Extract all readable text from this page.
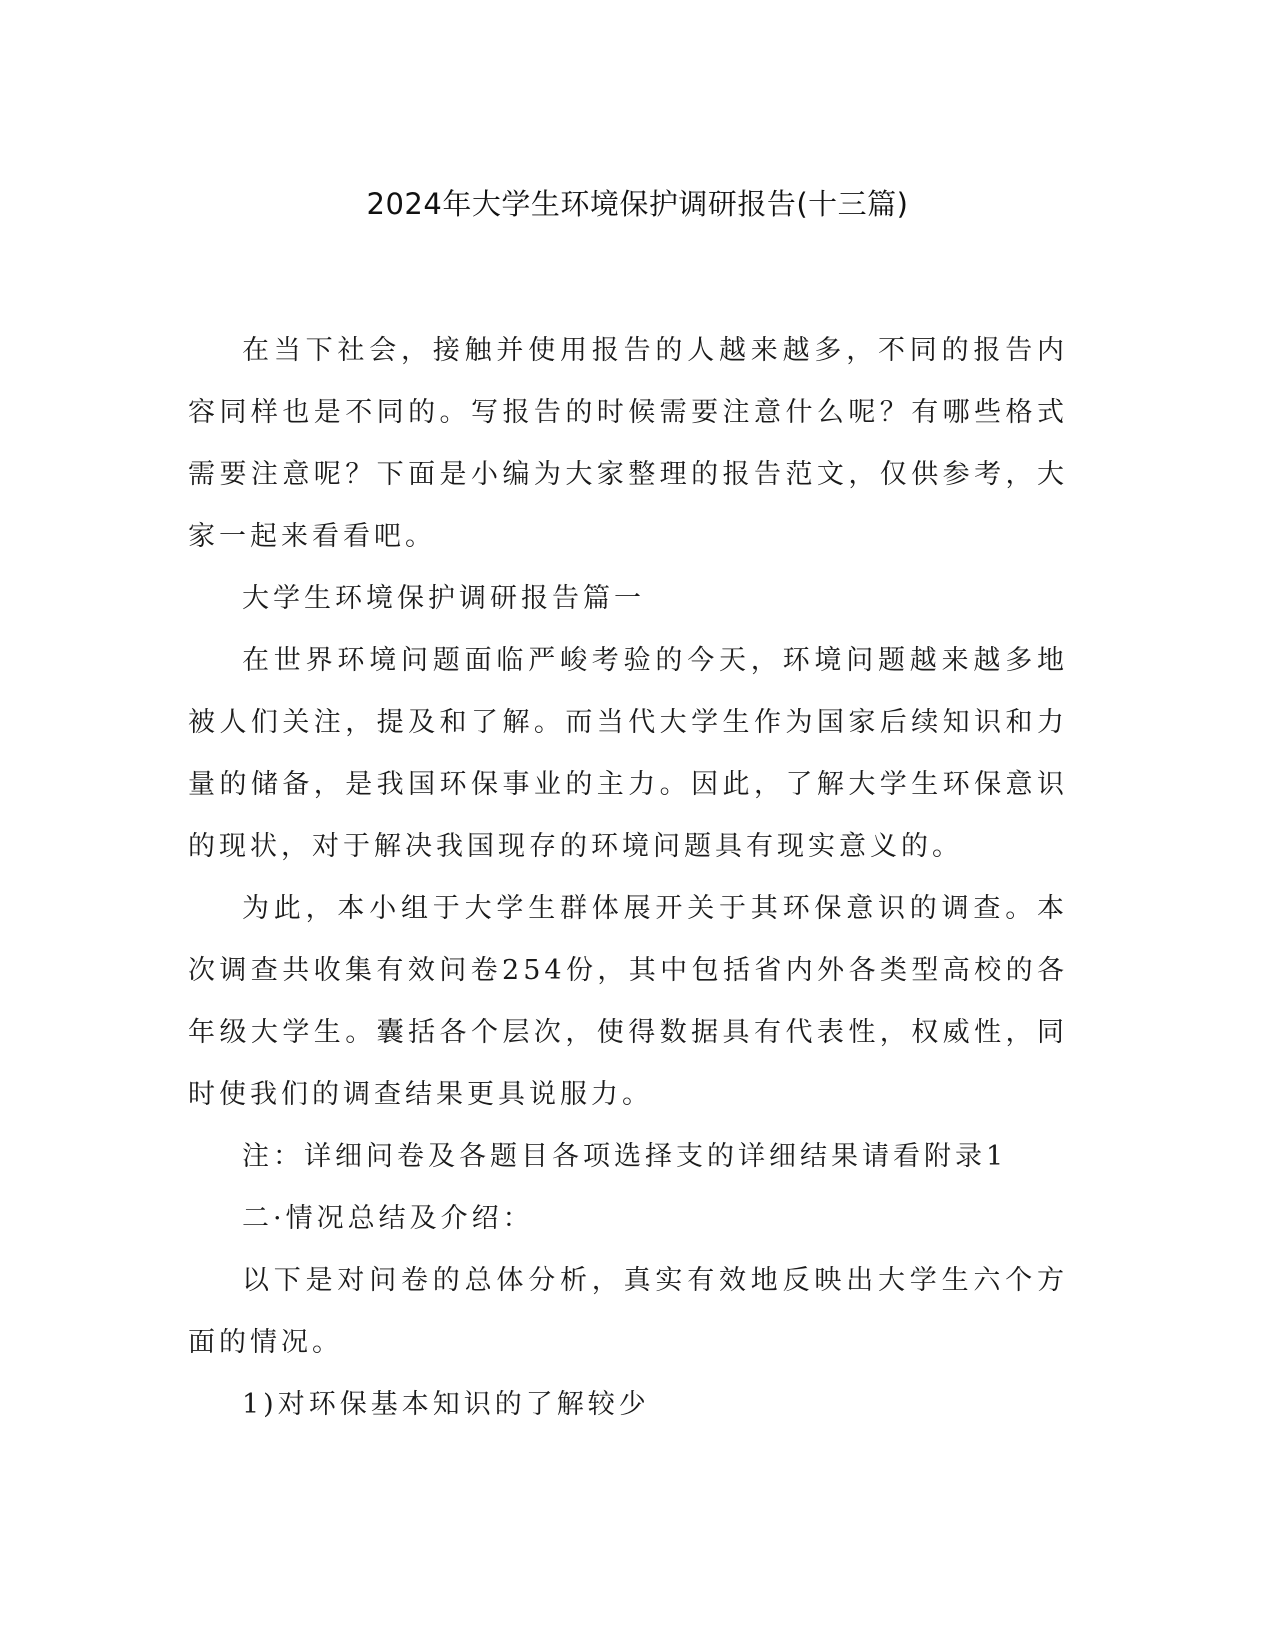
2024年大学生环境保护调研报告(十三篇)

在当下社会，接触并使用报告的人越来越多，不同的报告内容同样也是不同的。写报告的时候需要注意什么呢？有哪些格式需要注意呢？下面是小编为大家整理的报告范文，仅供参考，大家一起来看看吧。

大学生环境保护调研报告篇一

在世界环境问题面临严峻考验的今天，环境问题越来越多地被人们关注，提及和了解。而当代大学生作为国家后续知识和力量的储备，是我国环保事业的主力。因此，了解大学生环保意识的现状，对于解决我国现存的环境问题具有现实意义的。

为此，本小组于大学生群体展开关于其环保意识的调查。本次调查共收集有效问卷254份，其中包括省内外各类型高校的各年级大学生。囊括各个层次，使得数据具有代表性，权威性，同时使我们的调查结果更具说服力。

注：详细问卷及各题目各项选择支的详细结果请看附录1

二·情况总结及介绍：

以下是对问卷的总体分析，真实有效地反映出大学生六个方面的情况。

1)对环保基本知识的了解较少
